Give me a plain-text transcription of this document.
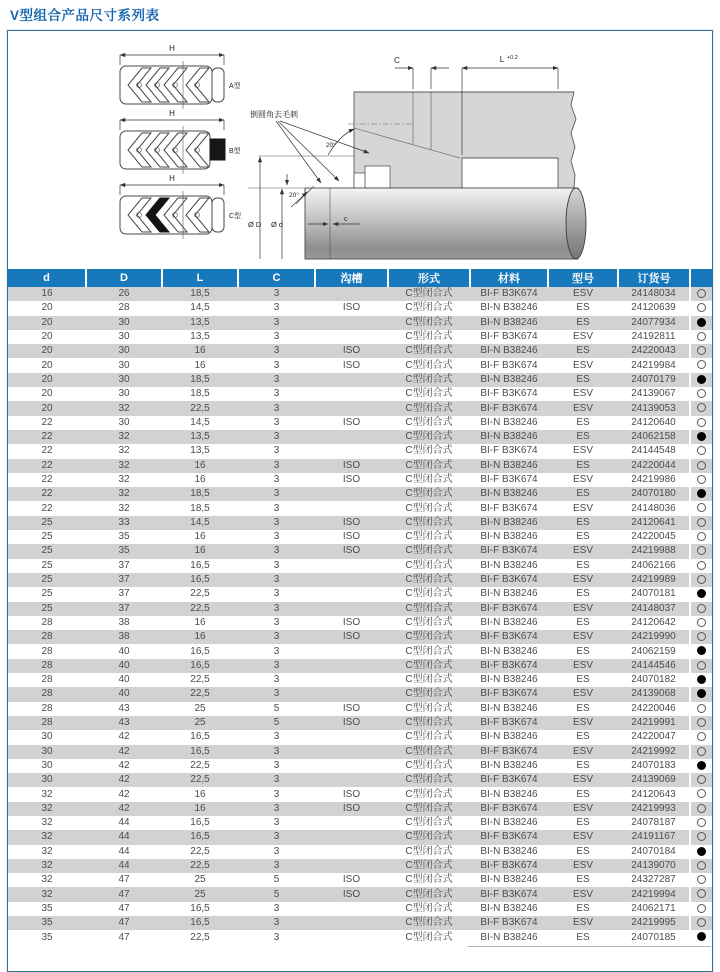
V型组合产品尺寸系列表
H
A型
H
B型
H
C型
C	L +0.2
倒圆角去毛刺
20°
20°
Ø D Ø d
c
d	D	L	C	沟槽	形式	材料	型号	订货号	
16	26	18,5	3		C型闭合式	BI-F B3K674	ESV	24148034	
20	28	14,5	3	ISO	C型闭合式	BI-N B38246	ES	24120639	
20	30	13,5	3		C型闭合式	BI-N B38246	ES	24077934	
20	30	13,5	3		C型闭合式	BI-F B3K674	ESV	24192811	
20	30	16	3	ISO	C型闭合式	BI-N B38246	ES	24220043	
20	30	16	3	ISO	C型闭合式	BI-F B3K674	ESV	24219984	
20	30	18,5	3		C型闭合式	BI-N B38246	ES	24070179	
20	30	18,5	3		C型闭合式	BI-F B3K674	ESV	24139067	
20	32	22,5	3		C型闭合式	BI-F B3K674	ESV	24139053	
22	30	14,5	3	ISO	C型闭合式	BI-N B38246	ES	24120640	
22	32	13,5	3		C型闭合式	BI-N B38246	ES	24062158	
22	32	13,5	3		C型闭合式	BI-F B3K674	ESV	24144548	
22	32	16	3	ISO	C型闭合式	BI-N B38246	ES	24220044	
22	32	16	3	ISO	C型闭合式	BI-F B3K674	ESV	24219986	
22	32	18,5	3		C型闭合式	BI-N B38246	ES	24070180	
22	32	18,5	3		C型闭合式	BI-F B3K674	ESV	24148036	
25	33	14,5	3	ISO	C型闭合式	BI-N B38246	ES	24120641	
25	35	16	3	ISO	C型闭合式	BI-N B38246	ES	24220045	
25	35	16	3	ISO	C型闭合式	BI-F B3K674	ESV	24219988	
25	37	16,5	3		C型闭合式	BI-N B38246	ES	24062166	
25	37	16,5	3		C型闭合式	BI-F B3K674	ESV	24219989	
25	37	22,5	3		C型闭合式	BI-N B38246	ES	24070181	
25	37	22,5	3		C型闭合式	BI-F B3K674	ESV	24148037	
28	38	16	3	ISO	C型闭合式	BI-N B38246	ES	24120642	
28	38	16	3	ISO	C型闭合式	BI-F B3K674	ESV	24219990	
28	40	16,5	3		C型闭合式	BI-N B38246	ES	24062159	
28	40	16,5	3		C型闭合式	BI-F B3K674	ESV	24144546	
28	40	22,5	3		C型闭合式	BI-N B38246	ES	24070182	
28	40	22,5	3		C型闭合式	BI-F B3K674	ESV	24139068	
28	43	25	5	ISO	C型闭合式	BI-N B38246	ES	24220046	
28	43	25	5	ISO	C型闭合式	BI-F B3K674	ESV	24219991	
30	42	16,5	3		C型闭合式	BI-N B38246	ES	24220047	
30	42	16,5	3		C型闭合式	BI-F B3K674	ESV	24219992	
30	42	22,5	3		C型闭合式	BI-N B38246	ES	24070183	
30	42	22,5	3		C型闭合式	BI-F B3K674	ESV	24139069	
32	42	16	3	ISO	C型闭合式	BI-N B38246	ES	24120643	
32	42	16	3	ISO	C型闭合式	BI-F B3K674	ESV	24219993	
32	44	16,5	3		C型闭合式	BI-N B38246	ES	24078187	
32	44	16,5	3		C型闭合式	BI-F B3K674	ESV	24191167	
32	44	22,5	3		C型闭合式	BI-N B38246	ES	24070184	
32	44	22,5	3		C型闭合式	BI-F B3K674	ESV	24139070	
32	47	25	5	ISO	C型闭合式	BI-N B38246	ES	24327287	
32	47	25	5	ISO	C型闭合式	BI-F B3K674	ESV	24219994	
35	47	16,5	3		C型闭合式	BI-N B38246	ES	24062171	
35	47	16,5	3		C型闭合式	BI-F B3K674	ESV	24219995	
35	47	22,5	3		C型闭合式	BI-N B38246	ES	24070185	
